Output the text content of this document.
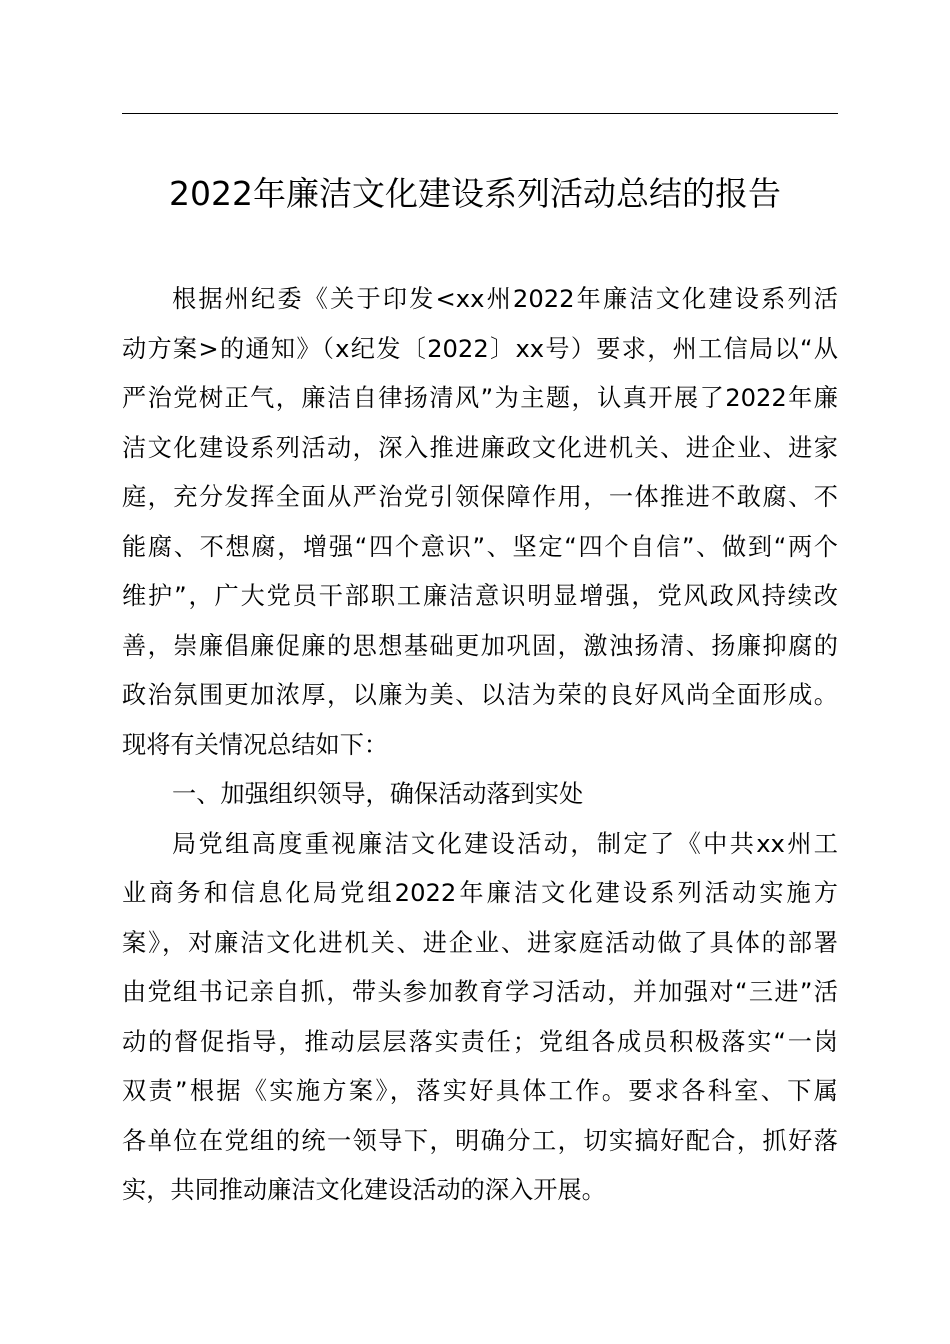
2022年廉洁文化建设系列活动总结的报告
根据州纪委《关于印发<xx州2022年廉洁文化建设系列活
动方案>的通知》（x纪发〔2022〕xx号）要求，州工信局以“从
严治党树正气，廉洁自律扬清风”为主题，认真开展了2022年廉
洁文化建设系列活动，深入推进廉政文化进机关、进企业、进家
庭，充分发挥全面从严治党引领保障作用，一体推进不敢腐、不
能腐、不想腐，增强“四个意识”、坚定“四个自信”、做到“两个
维护”，广大党员干部职工廉洁意识明显增强，党风政风持续改
善，崇廉倡廉促廉的思想基础更加巩固，激浊扬清、扬廉抑腐的
政治氛围更加浓厚，以廉为美、以洁为荣的良好风尚全面形成。
现将有关情况总结如下：
一、加强组织领导，确保活动落到实处
局党组高度重视廉洁文化建设活动，制定了《中共xx州工
业商务和信息化局党组2022年廉洁文化建设系列活动实施方
案》，对廉洁文化进机关、进企业、进家庭活动做了具体的部署
由党组书记亲自抓，带头参加教育学习活动，并加强对“三进”活
动的督促指导，推动层层落实责任；党组各成员积极落实“一岗
双责”根据《实施方案》，落实好具体工作。要求各科室、下属
各单位在党组的统一领导下，明确分工，切实搞好配合，抓好落
实，共同推动廉洁文化建设活动的深入开展。
